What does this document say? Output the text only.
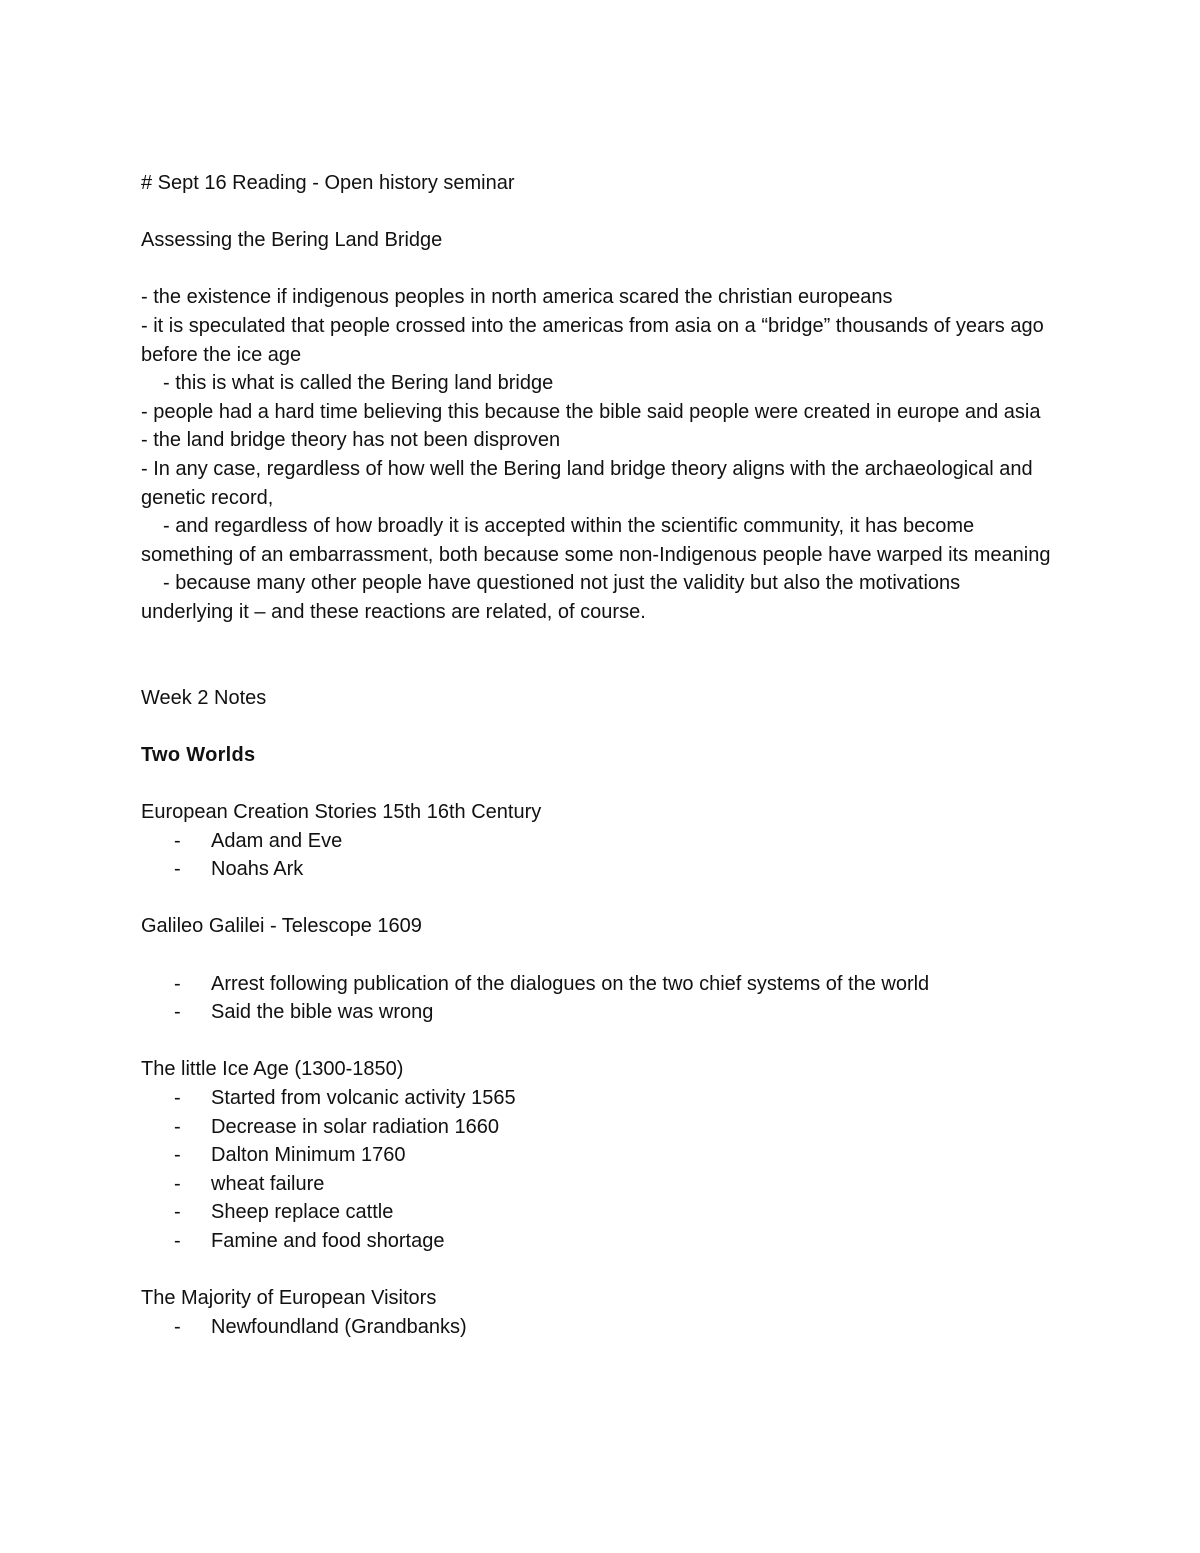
# Sept 16 Reading - Open history seminar

Assessing the Bering Land Bridge

- the existence if indigenous peoples in north america scared the christian europeans

- it is speculated that people crossed into the americas from asia on a “bridge” thousands of years ago before the ice age

- this is what is called the Bering land bridge

- people had a hard time believing this because the bible said people were created in europe and asia

- the land bridge theory has not been disproven

- In any case, regardless of how well the Bering land bridge theory aligns with the archaeological and genetic record,

- and regardless of how broadly it is accepted within the scientific community, it has become something of an embarrassment, both because some non-Indigenous people have warped its meaning

- because many other people have questioned not just the validity but also the motivations underlying it – and these reactions are related, of course.

Week 2 Notes

Two Worlds

European Creation Stories 15th 16th Century

- Adam and Eve
- Noahs Ark

Galileo Galilei - Telescope 1609

- Arrest following publication of the dialogues on the two chief systems of the world
- Said the bible was wrong

The little Ice Age (1300-1850)

- Started from volcanic activity 1565
- Decrease in solar radiation 1660
- Dalton Minimum 1760
- wheat failure
- Sheep replace cattle
- Famine and food shortage

The Majority of European Visitors

- Newfoundland (Grandbanks)
